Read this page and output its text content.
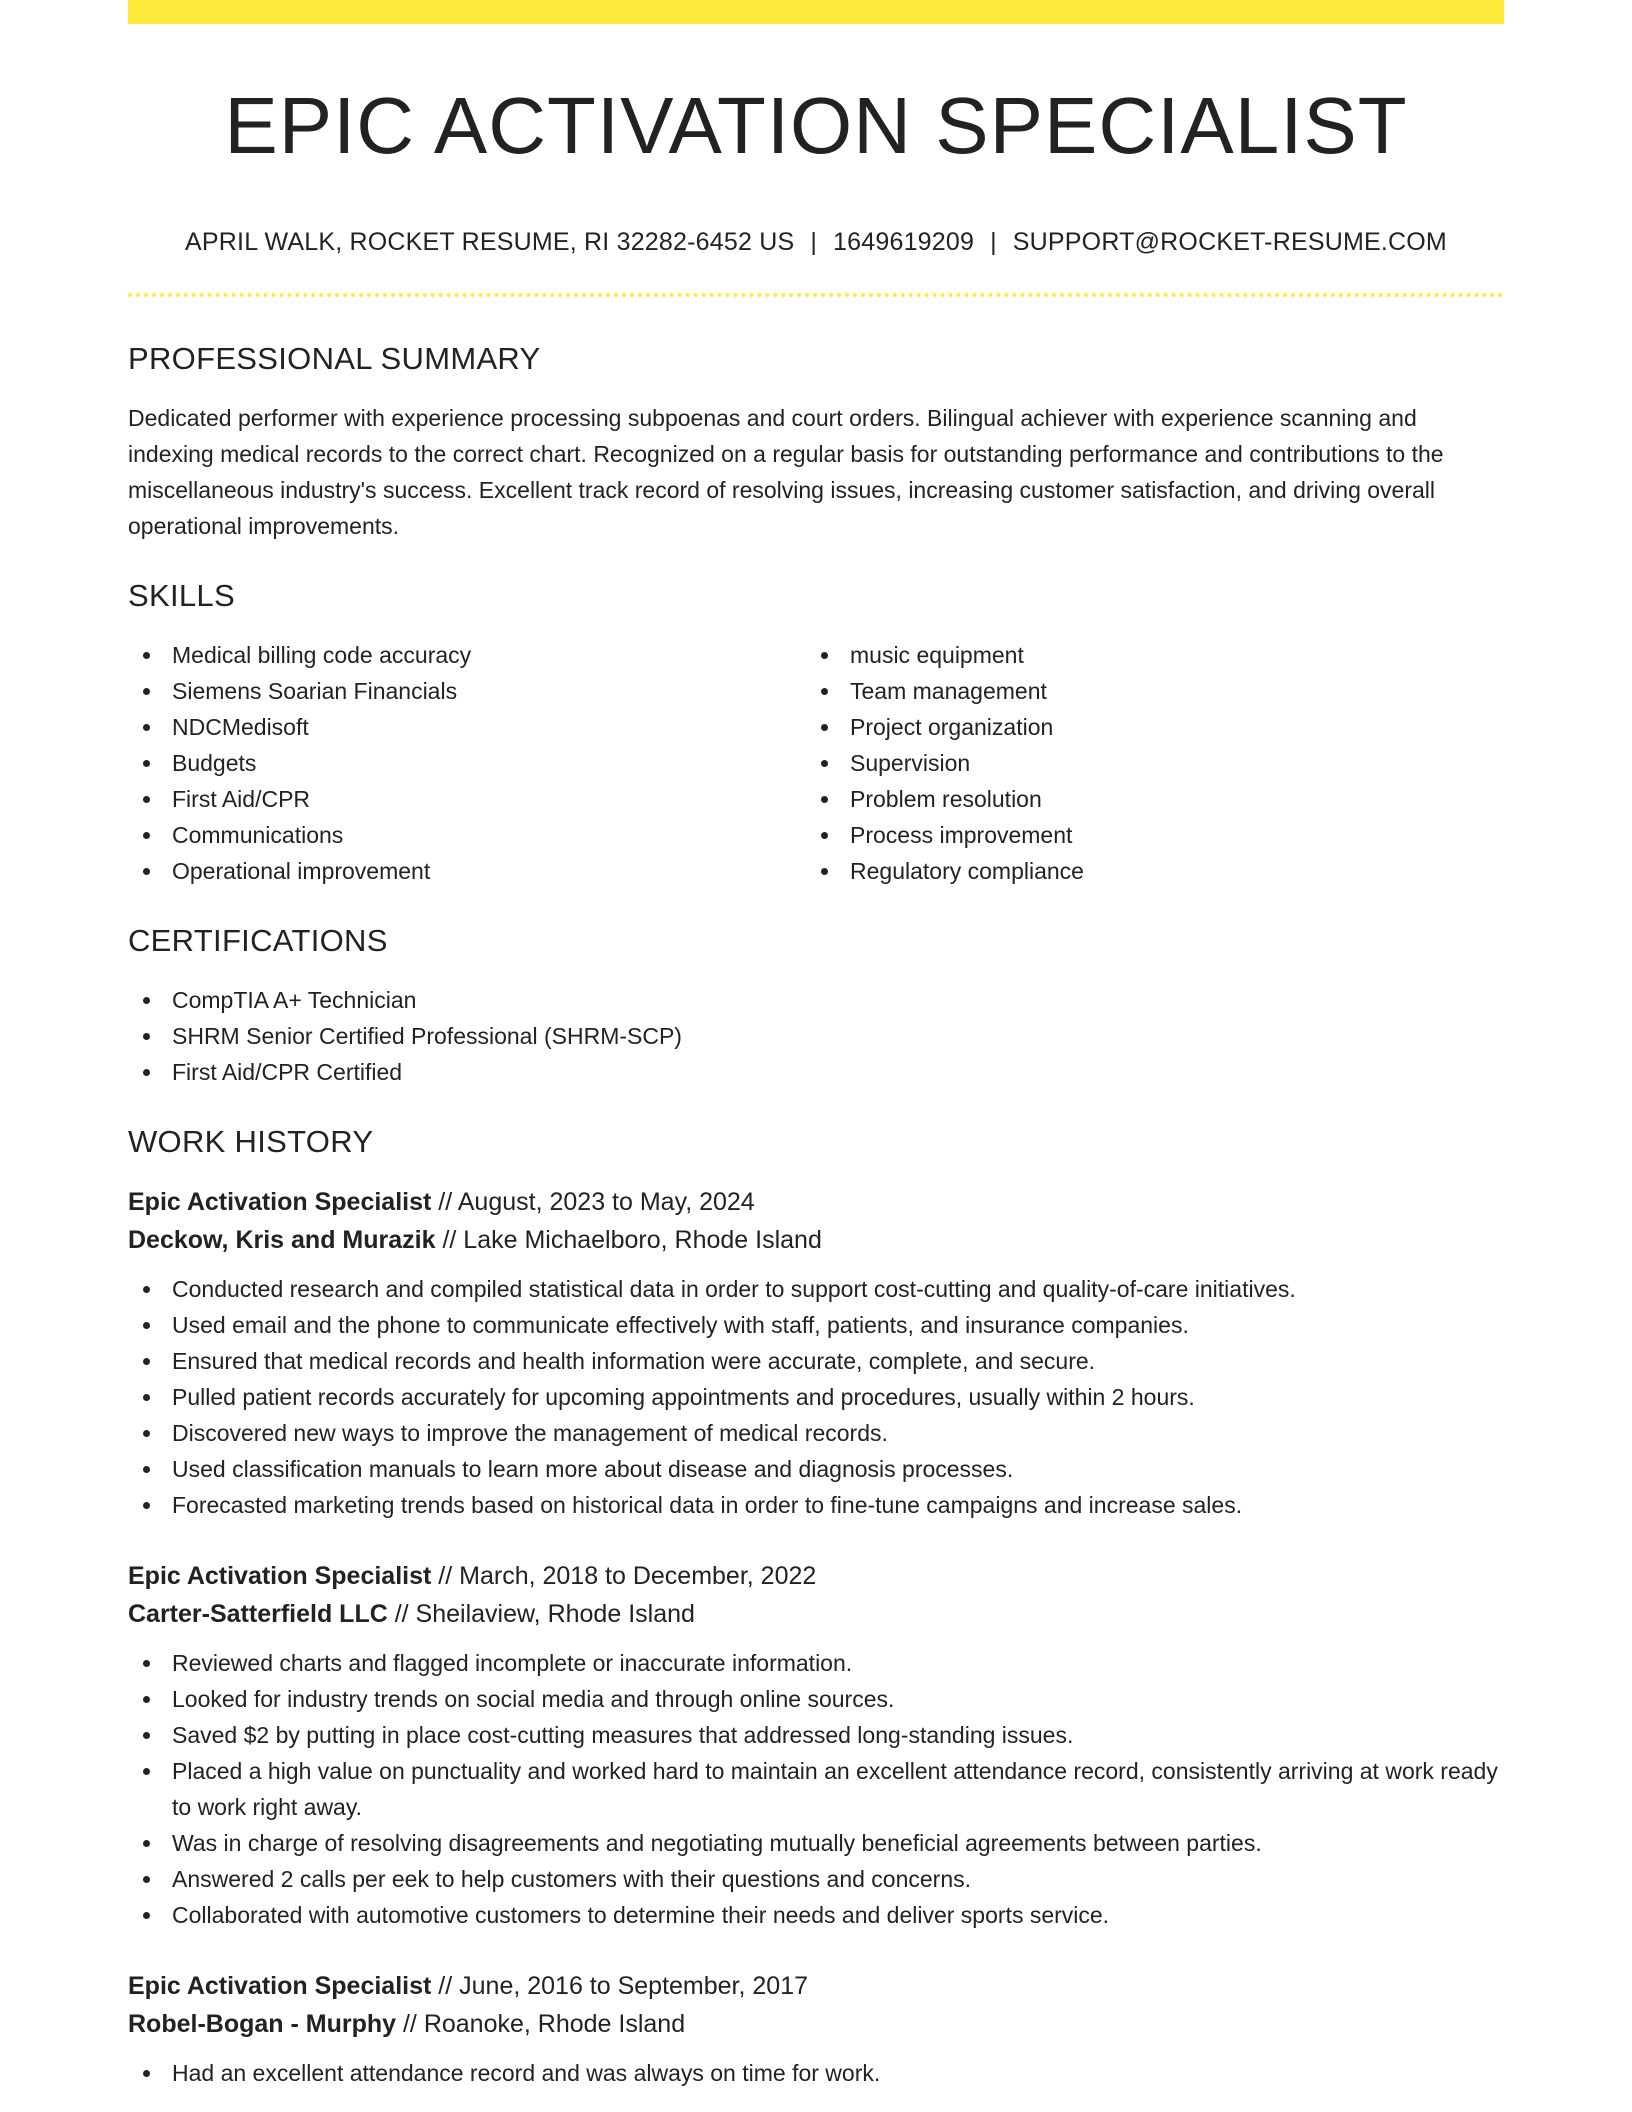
EPIC ACTIVATION SPECIALIST
APRIL WALK, ROCKET RESUME, RI 32282-6452 US | 1649619209 | SUPPORT@ROCKET-RESUME.COM
PROFESSIONAL SUMMARY

Dedicated performer with experience processing subpoenas and court orders. Bilingual achiever with experience scanning and indexing medical records to the correct chart. Recognized on a regular basis for outstanding performance and contributions to the miscellaneous industry's success. Excellent track record of resolving issues, increasing customer satisfaction, and driving overall operational improvements.

SKILLS
Medical billing code accuracy
Siemens Soarian Financials
NDCMedisoft
Budgets
First Aid/CPR
Communications
Operational improvement
music equipment
Team management
Project organization
Supervision
Problem resolution
Process improvement
Regulatory compliance
CERTIFICATIONS
CompTIA A+ Technician
SHRM Senior Certified Professional (SHRM-SCP)
First Aid/CPR Certified
WORK HISTORY
Epic Activation Specialist // August, 2023 to May, 2024
Deckow, Kris and Murazik // Lake Michaelboro, Rhode Island
Conducted research and compiled statistical data in order to support cost-cutting and quality-of-care initiatives.
Used email and the phone to communicate effectively with staff, patients, and insurance companies.
Ensured that medical records and health information were accurate, complete, and secure.
Pulled patient records accurately for upcoming appointments and procedures, usually within 2 hours.
Discovered new ways to improve the management of medical records.
Used classification manuals to learn more about disease and diagnosis processes.
Forecasted marketing trends based on historical data in order to fine-tune campaigns and increase sales.
Epic Activation Specialist // March, 2018 to December, 2022
Carter-Satterfield LLC // Sheilaview, Rhode Island
Reviewed charts and flagged incomplete or inaccurate information.
Looked for industry trends on social media and through online sources.
Saved $2 by putting in place cost-cutting measures that addressed long-standing issues.
Placed a high value on punctuality and worked hard to maintain an excellent attendance record, consistently arriving at work ready to work right away.
Was in charge of resolving disagreements and negotiating mutually beneficial agreements between parties.
Answered 2 calls per eek to help customers with their questions and concerns.
Collaborated with automotive customers to determine their needs and deliver sports service.
Epic Activation Specialist // June, 2016 to September, 2017
Robel-Bogan - Murphy // Roanoke, Rhode Island
Had an excellent attendance record and was always on time for work.
